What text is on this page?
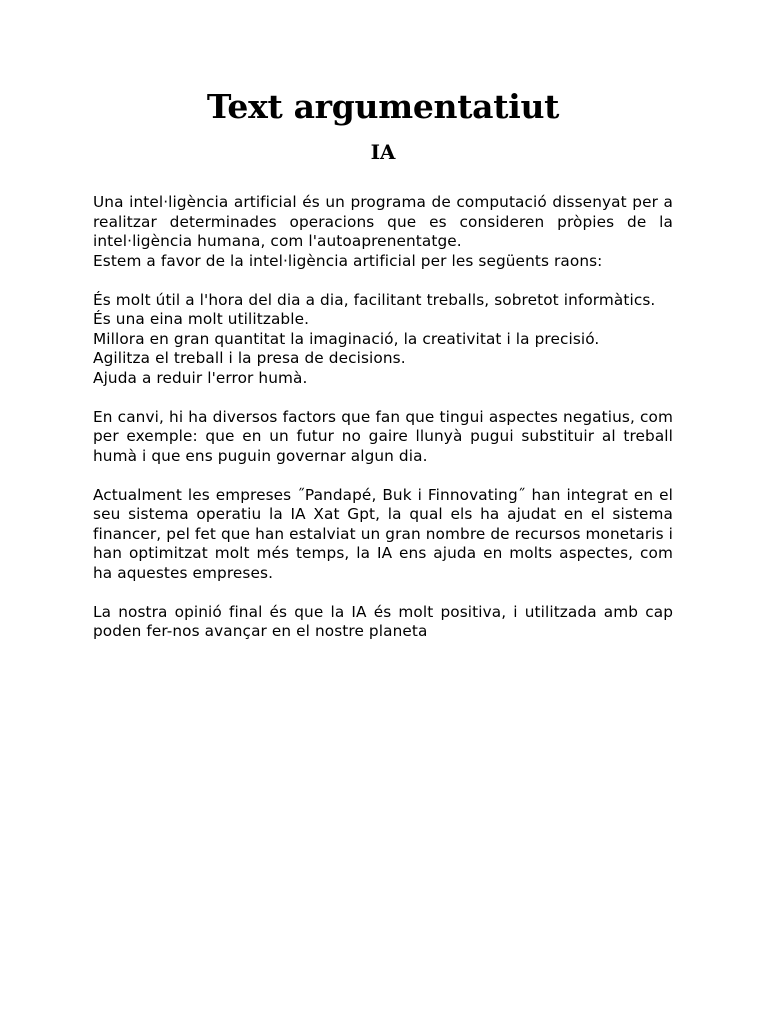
Text argumentatiut
IA

Una intel·ligència artificial és un programa de computació dissenyat per a realitzar determinades operacions que es consideren pròpies de la intel·ligència humana, com l'autoaprenentatge.

Estem a favor de la intel·ligència artificial per les següents raons:

És molt útil a l'hora del dia a dia, facilitant treballs, sobretot informàtics.

És una eina molt utilitzable.

Millora en gran quantitat la imaginació, la creativitat i la precisió.

Agilitza el treball i la presa de decisions.

Ajuda a reduir l'error humà.

En canvi, hi ha diversos factors que fan que tingui aspectes negatius, com per exemple: que en un futur no gaire llunyà pugui substituir al treball humà i que ens puguin governar algun dia.

Actualment les empreses ˝Pandapé, Buk i Finnovating˝ han integrat en el seu sistema operatiu la IA Xat Gpt, la qual els ha ajudat en el sistema financer, pel fet que han estalviat un gran nombre de recursos monetaris i han optimitzat molt més temps, la IA ens ajuda en molts aspectes, com ha aquestes empreses.

La nostra opinió final és que la IA és molt positiva, i utilitzada amb cap poden fer-nos avançar en el nostre planeta
